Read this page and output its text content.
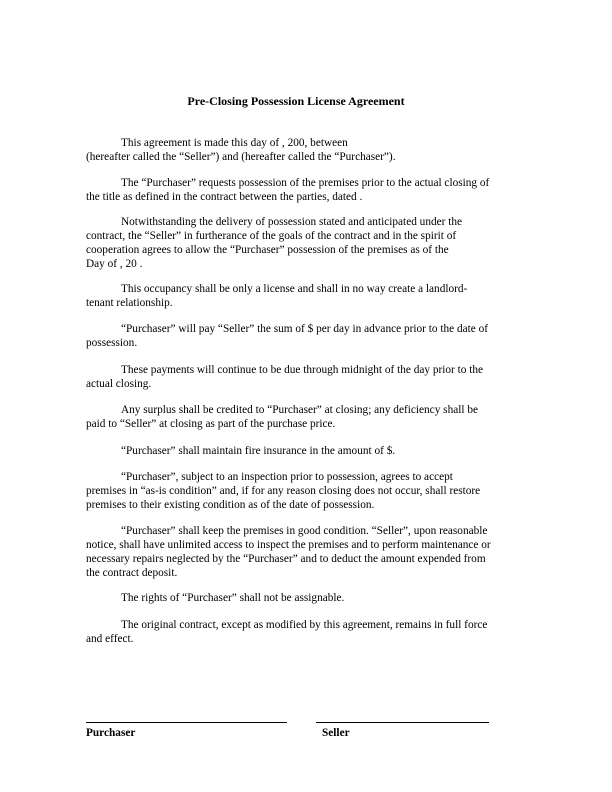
Pre-Closing Possession License Agreement
This agreement is made this day of , 200, between
(hereafter called the “Seller”) and (hereafter called the “Purchaser”).
The “Purchaser” requests possession of the premises prior to the actual closing of
the title as defined in the contract between the parties, dated .
Notwithstanding the delivery of possession stated and anticipated under the
contract, the “Seller” in furtherance of the goals of the contract and in the spirit of
cooperation agrees to allow the “Purchaser” possession of the premises as of the
Day of , 20 .
This occupancy shall be only a license and shall in no way create a landlord-
tenant relationship.
“Purchaser” will pay “Seller” the sum of $ per day in advance prior to the date of
possession.
These payments will continue to be due through midnight of the day prior to the
actual closing.
Any surplus shall be credited to “Purchaser” at closing; any deficiency shall be
paid to “Seller” at closing as part of the purchase price.
“Purchaser” shall maintain fire insurance in the amount of $.
“Purchaser”, subject to an inspection prior to possession, agrees to accept
premises in “as-is condition” and, if for any reason closing does not occur, shall restore
premises to their existing condition as of the date of possession.
“Purchaser” shall keep the premises in good condition. “Seller”, upon reasonable
notice, shall have unlimited access to inspect the premises and to perform maintenance or
necessary repairs neglected by the “Purchaser” and to deduct the amount expended from
the contract deposit.
The rights of “Purchaser” shall not be assignable.
The original contract, except as modified by this agreement, remains in full force
and effect.
Purchaser	Seller
